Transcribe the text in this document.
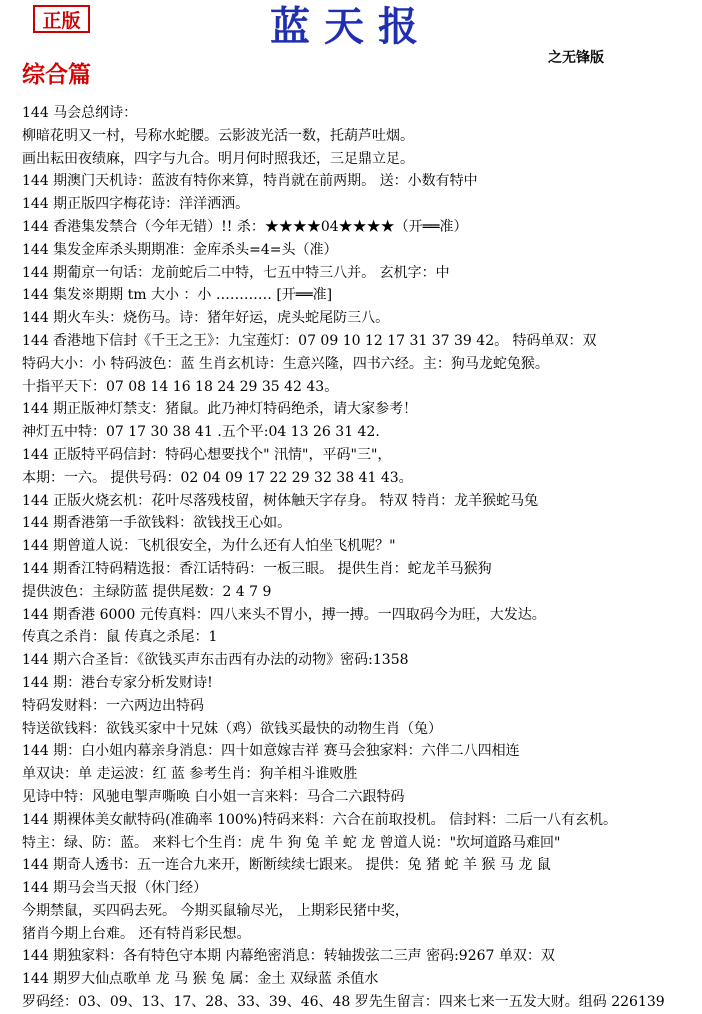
正版	蓝天报
之无锋版
综合篇
144 马会总纲诗：
柳暗花明又一村，号称水蛇腰。云影波光活一数，托葫芦吐烟。
画出耘田夜绩麻，四字与九合。明月何时照我还，三足鼎立足。
144 期澳门天机诗：蓝波有特你来算，特肖就在前两期。 送：小数有特中
144 期正版四字梅花诗：洋洋洒洒。
144 香港集发禁合（今年无错）!! 杀：★★★★04★★★★（开══准）
144 集发金库杀头期期准：金库杀头=4=头（准）
144 期葡京一句话：龙前蛇后二中特，七五中特三八并。 玄机字：中
144 集发※期期 tm 大小 ：小 ………… [开══准]
144 期火车头：烧伤马。诗：猪年好运，虎头蛇尾防三八。
144 香港地下信封《千王之王》：九宝莲灯：07 09 10 12 17 31 37 39 42。 特码单双：双
特码大小：小 特码波色：蓝 生肖玄机诗：生意兴隆，四书六经。主：狗马龙蛇兔猴。
十指平天下：07 08 14 16 18 24 29 35 42 43。
144 期正版神灯禁支：猪鼠。此乃神灯特码绝杀，请大家参考！
神灯五中特：07 17 30 38 41 .五个平:04 13 26 31 42.
144 正版特平码信封：特码心想要找个" 汛情"，平码"三"，
本期：一六。 提供号码：02 04 09 17 22 29 32 38 41 43。
144 正版火烧玄机：花叶尽落残枝留，树体触天字存身。 特双 特肖：龙羊猴蛇马兔
144 期香港第一手欲钱料：欲钱找王心如。
144 期曾道人说：飞机很安全，为什么还有人怕坐飞机呢？"
144 期香江特码精选报：香江话特码：一板三眼。 提供生肖：蛇龙羊马猴狗
提供波色：主绿防蓝 提供尾数：2 4 7 9
144 期香港 6000 元传真料：四八来头不胃小，搏一搏。一四取码今为旺，大发达。
传真之杀肖：鼠 传真之杀尾：1
144 期六合圣旨：《欲钱买声东击西有办法的动物》密码:1358
144 期：港台专家分析发财诗!
特码发财料：一六两边出特码
特送欲钱料：欲钱买家中十兄妹（鸡）欲钱买最快的动物生肖（兔）
144 期：白小姐内幕亲身消息：四十如意嫁吉祥 赛马会独家料：六伴二八四相连
单双诀：单 走运波：红 蓝 参考生肖：狗羊相斗谁败胜
见诗中特：风驰电掣声嘶唤 白小姐一言来料：马合二六跟特码
144 期裸体美女献特码(准确率 100%)特码来料：六合在前取投机。 信封料：二后一八有玄机。
特主：绿、防：蓝。 来料七个生肖：虎 牛 狗 兔 羊 蛇 龙 曾道人说："坎坷道路马难回"
144 期奇人透书：五一连合九来开，断断续续七跟来。 提供：兔 猪 蛇 羊 猴 马 龙 鼠
144 期马会当天报（休门经）
今期禁鼠，买四码去死。 今期买鼠输尽光， 上期彩民猪中奖，
猪肖今期上台难。 还有特肖彩民想。
144 期独家料：各有特色守本期 内幕绝密消息：转轴拨弦二三声 密码:9267 单双：双
144 期罗大仙点歌单 龙 马 猴 兔 属：金土 双绿蓝 杀值水
罗码经：03、09、13、17、28、33、39、46、48 罗先生留言：四来七来一五发大财。组码 226139
